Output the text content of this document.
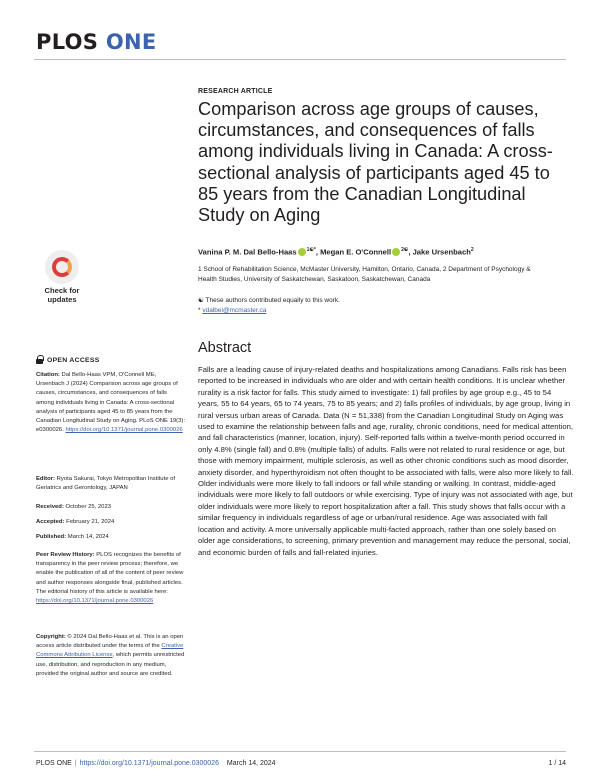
PLOS ONE
RESEARCH ARTICLE
Comparison across age groups of causes, circumstances, and consequences of falls among individuals living in Canada: A cross-sectional analysis of participants aged 45 to 85 years from the Canadian Longitudinal Study on Aging
Vanina P. M. Dal Bello-Haas $^{1☯*}$, Megan E. O'Connell $^{2☯}$, Jake Ursenbach$^2$
1 School of Rehabilitation Science, McMaster University, Hamilton, Ontario, Canada, 2 Department of Psychology & Health Studies, University of Saskatchewan, Saskatoon, Saskatchewan, Canada
☯ These authors contributed equally to this work.
* vdalbel@mcmaster.ca
Check for
updates
OPEN ACCESS
Citation: Dal Bello-Haas VPM, O'Connell ME, Ursenbach J (2024) Comparison across age groups of causes, circumstances, and consequences of falls among individuals living in Canada: A cross-sectional analysis of participants aged 45 to 85 years from the Canadian Longitudinal Study on Aging. PLoS ONE 19(3): e0300026. https://doi.org/10.1371/journal.pone.0300026
Editor: Ryota Sakurai, Tokyo Metropolitan Institute of Geriatrics and Gerontology, JAPAN
Received: October 25, 2023
Accepted: February 21, 2024
Published: March 14, 2024
Peer Review History: PLOS recognizes the benefits of transparency in the peer review process; therefore, we enable the publication of all of the content of peer review and author responses alongside final, published articles. The editorial history of this article is available here: https://doi.org/10.1371/journal.pone.0300026
Copyright: © 2024 Dal Bello-Haas et al. This is an open access article distributed under the terms of the Creative Commons Attribution License, which permits unrestricted use, distribution, and reproduction in any medium, provided the original author and source are credited.
Abstract
Falls are a leading cause of injury-related deaths and hospitalizations among Canadians. Falls risk has been reported to be increased in individuals who are older and with certain health conditions. It is unclear whether rurality is a risk factor for falls. This study aimed to investigate: 1) fall profiles by age group e.g., 45 to 54 years, 55 to 64 years, 65 to 74 years, 75 to 85 years; and 2) falls profiles of individuals, by age group, living in rural versus urban areas of Canada. Data (N = 51,338) from the Canadian Longitudinal Study on Aging was used to examine the relationship between falls and age, rurality, chronic conditions, need for medical attention, and fall characteristics (manner, location, injury). Self-reported falls within a twelve-month period occurred in only 4.8% (single fall) and 0.8% (multiple falls) of adults. Falls were not related to rural residence or age, but those with memory impairment, multiple sclerosis, as well as other chronic conditions such as mood disorder, anxiety disorder, and hyperthyroidism not often thought to be associated with falls, were also more likely to fall. Older individuals were more likely to fall indoors or fall while standing or walking. In contrast, middle-aged individuals were more likely to fall outdoors or while exercising. Type of injury was not associated with age, but older individuals were more likely to report hospitalization after a fall. This study shows that falls occur with a similar frequency in individuals regardless of age or urban/rural residence. Age was associated with fall location and activity. A more universally applicable multi-facted approach, rather than one solely based on older age considerations, to screening, primary prevention and management may reduce the personal, social, and economic burden of falls and fall-related injuries.
PLOS ONE | https://doi.org/10.1371/journal.pone.0300026 March 14, 2024	1 / 14
